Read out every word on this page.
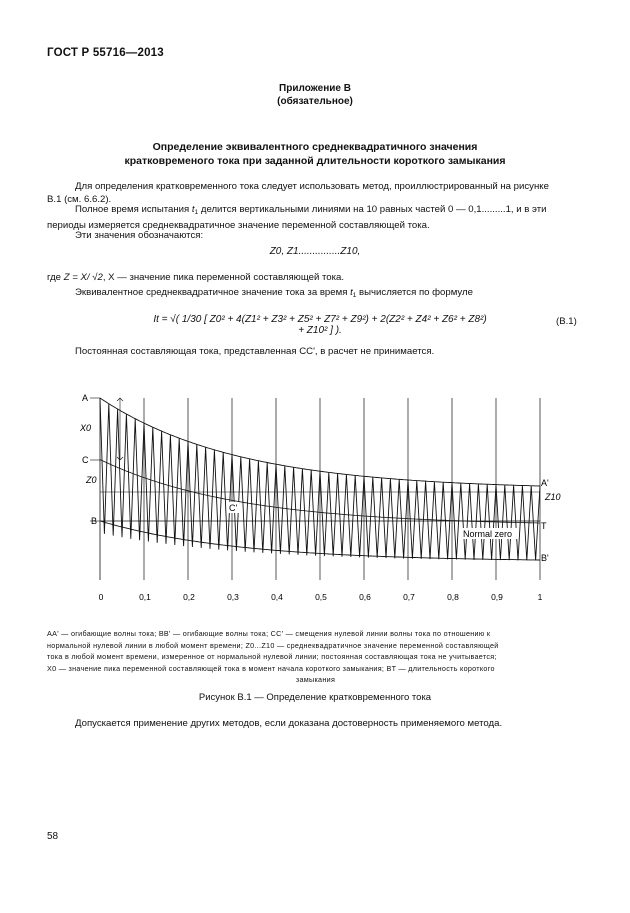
ГОСТ Р 55716—2013
Приложение В
(обязательное)
Определение эквивалентного среднеквадратичного значения
кратковременого тока при заданной длительности короткого замыкания
Для определения кратковременного тока следует использовать метод, проиллюстрированный на рисунке
В.1 (см. 6.6.2).
Полное время испытания $t_1$ делится вертикальными линиями на 10 равных частей 0 — 0,1.........1, и в эти
периоды измеряется среднеквадратичное значение переменной составляющей тока.
Эти значения обозначаются:
Z0, Z1...............Z10,
где Z = X/ √2, X — значение пика переменной составляющей тока.
Эквивалентное среднеквадратичное значение тока за время $t_1$ вычисляется по формуле
It = √( 1/30 [ Z0² + 4(Z1² + Z3² + Z5² + Z7² + Z9²) + 2(Z2² + Z4² + Z6² + Z8²) + Z10² ] ).
(В.1)
Постоянная составляющая тока, представленная CC', в расчет не принимается.
A
X0
C
Z0
B
A'
Z10
T
B'
C'
Normal zero
0	0,1	0,2	0,3	0,4	0,5	0,6	0,7	0,8	0,9	1
AA' — огибающие волны тока; BB' — огибающие волны тока; CC' — смещения нулевой линии волны тока по отношению к
нормальной нулевой линии в любой момент времени; Z0...Z10 — среднеквадратичное значение переменной составляющей
тока в любой момент времени, измеренное от нормальной нулевой линии; постоянная составляющая тока не учитывается;
X0 — значение пика переменной составляющей тока в момент начала короткого замыкания; BT — длительность короткого
замыкания
Рисунок В.1 — Определение кратковременного тока
Допускается применение других методов, если доказана достоверность применяемого метода.
58
